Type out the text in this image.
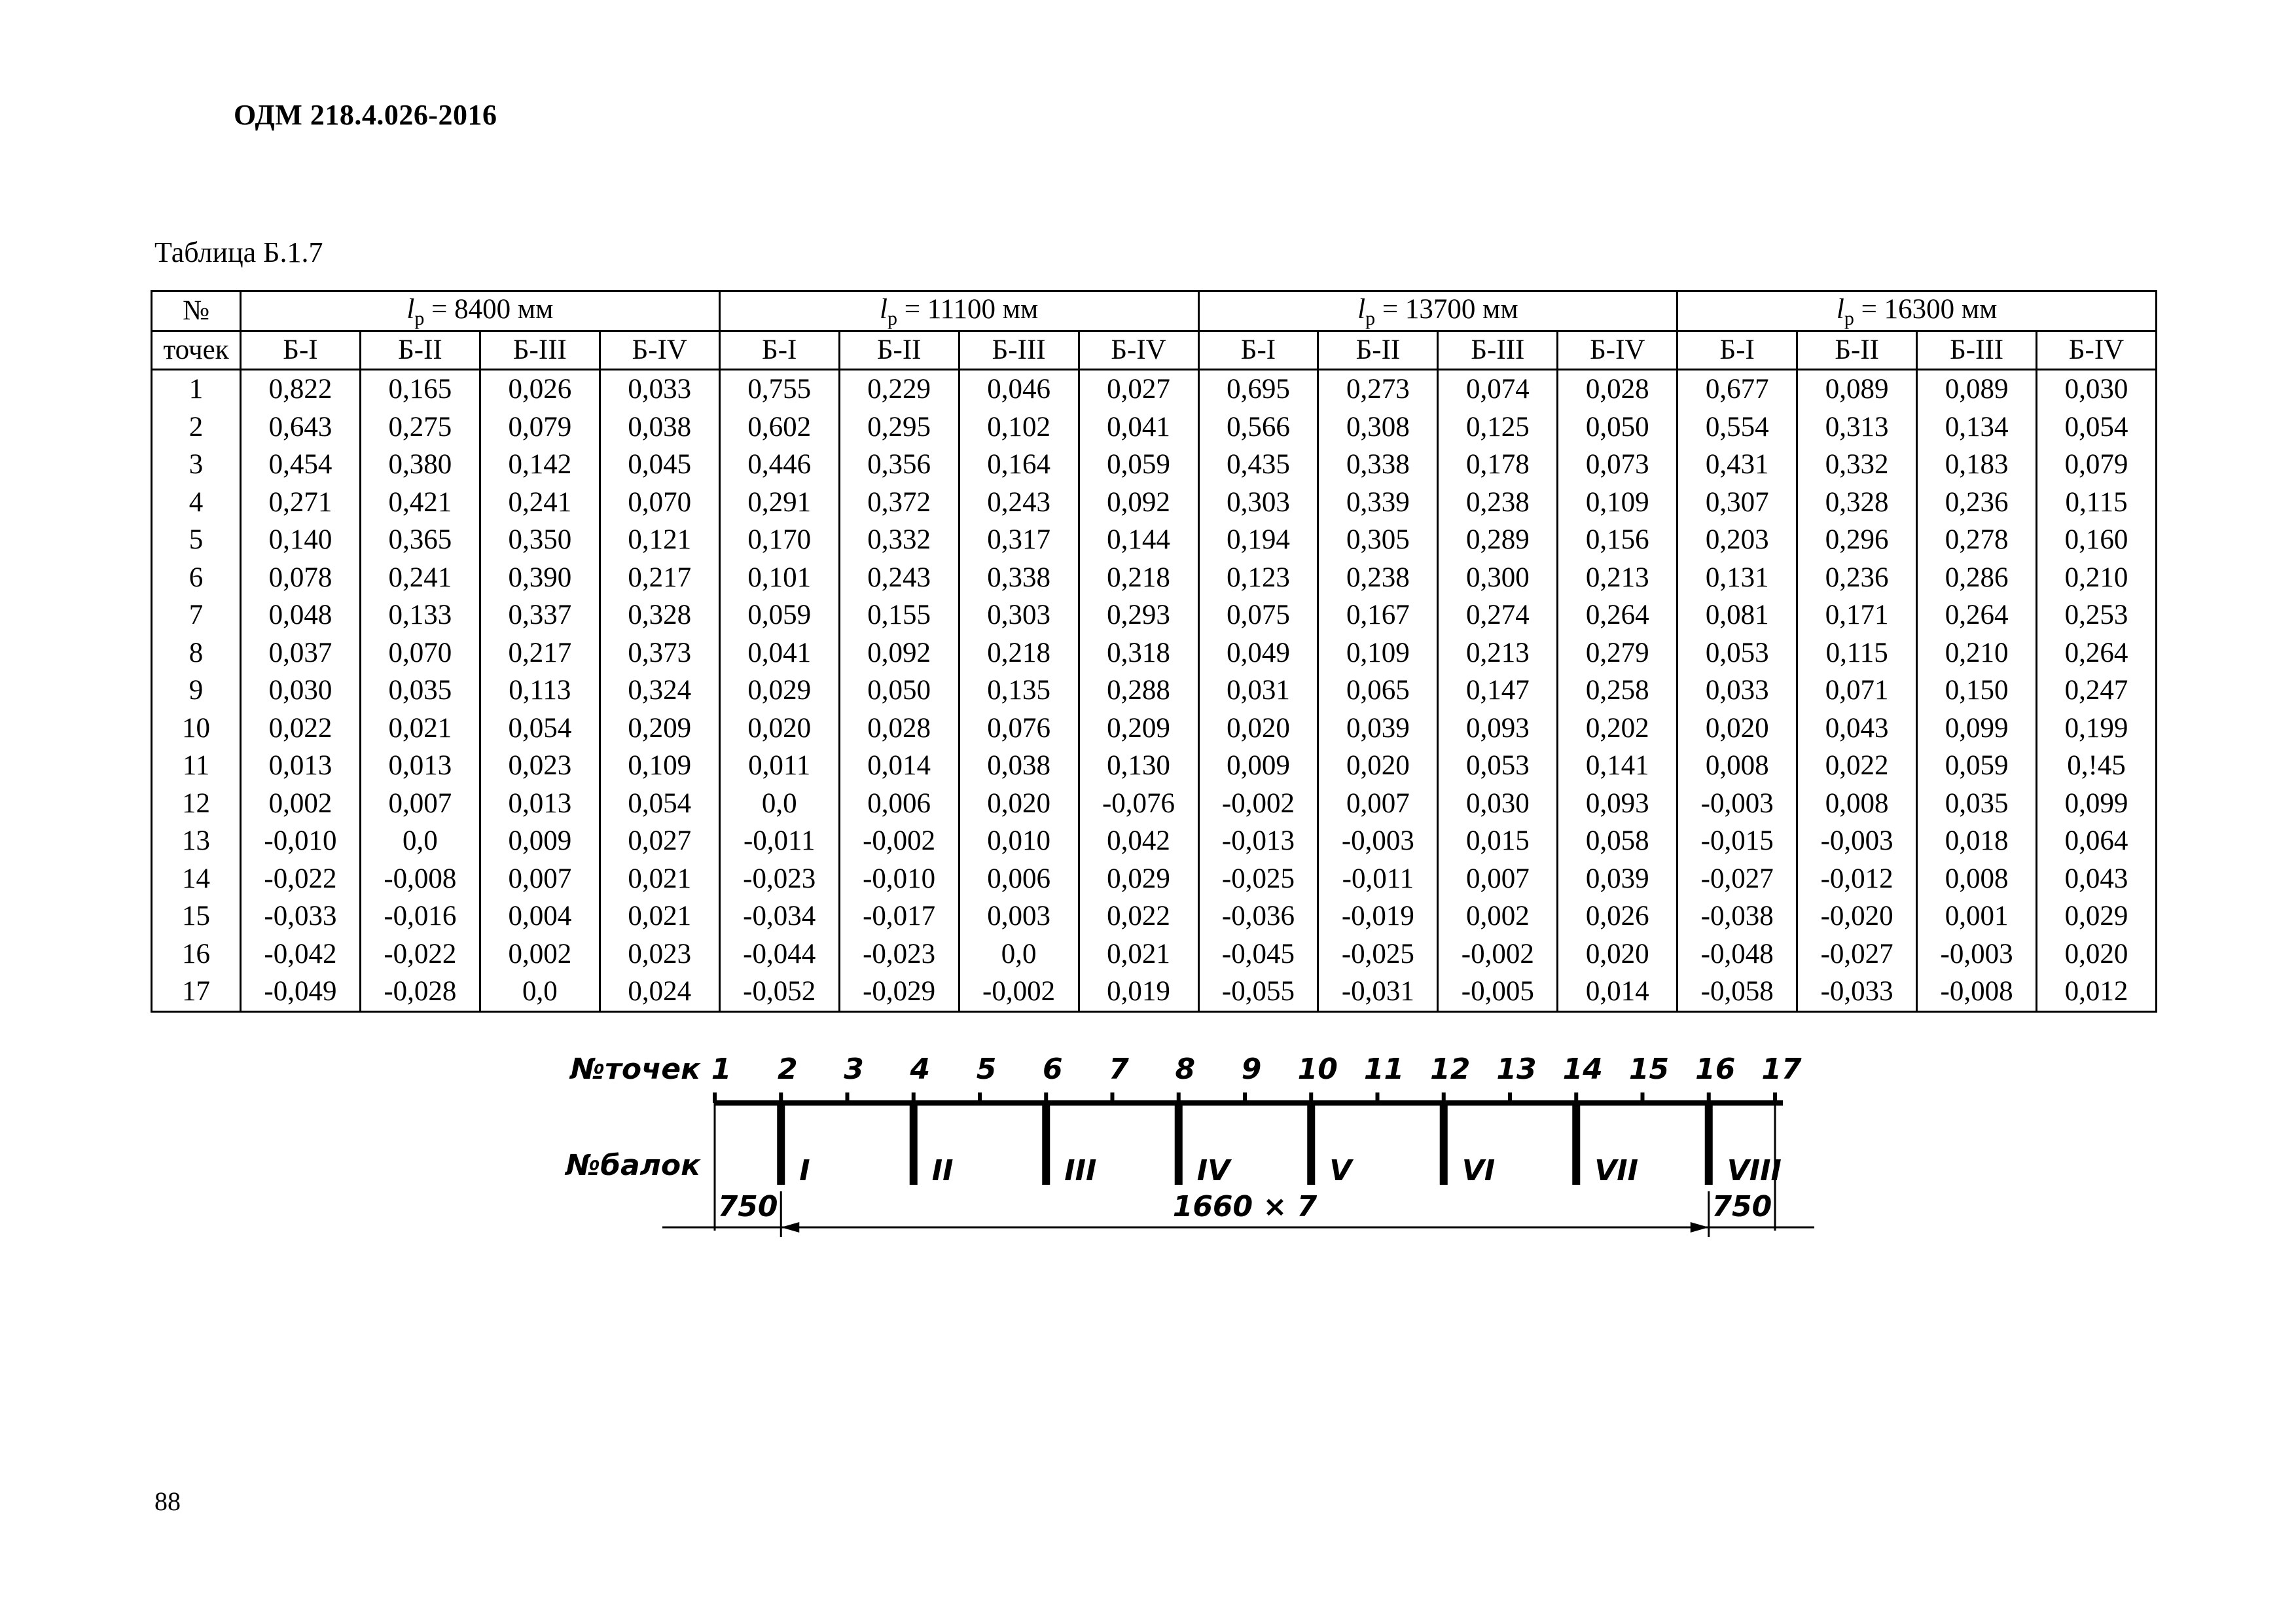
ОДМ 218.4.026-2016
Таблица Б.1.7
№	$l_р = 8400$ мм				$l_р = 11100$ мм				$l_р = 13700$ мм				$l_р = 16300$ мм			
точек	Б-I	Б-II	Б-III	Б-IV	Б-I	Б-II	Б-III	Б-IV	Б-I	Б-II	Б-III	Б-IV	Б-I	Б-II	Б-III	Б-IV
1	0,822	0,165	0,026	0,033	0,755	0,229	0,046	0,027	0,695	0,273	0,074	0,028	0,677	0,089	0,089	0,030
2	0,643	0,275	0,079	0,038	0,602	0,295	0,102	0,041	0,566	0,308	0,125	0,050	0,554	0,313	0,134	0,054
3	0,454	0,380	0,142	0,045	0,446	0,356	0,164	0,059	0,435	0,338	0,178	0,073	0,431	0,332	0,183	0,079
4	0,271	0,421	0,241	0,070	0,291	0,372	0,243	0,092	0,303	0,339	0,238	0,109	0,307	0,328	0,236	0,115
5	0,140	0,365	0,350	0,121	0,170	0,332	0,317	0,144	0,194	0,305	0,289	0,156	0,203	0,296	0,278	0,160
6	0,078	0,241	0,390	0,217	0,101	0,243	0,338	0,218	0,123	0,238	0,300	0,213	0,131	0,236	0,286	0,210
7	0,048	0,133	0,337	0,328	0,059	0,155	0,303	0,293	0,075	0,167	0,274	0,264	0,081	0,171	0,264	0,253
8	0,037	0,070	0,217	0,373	0,041	0,092	0,218	0,318	0,049	0,109	0,213	0,279	0,053	0,115	0,210	0,264
9	0,030	0,035	0,113	0,324	0,029	0,050	0,135	0,288	0,031	0,065	0,147	0,258	0,033	0,071	0,150	0,247
10	0,022	0,021	0,054	0,209	0,020	0,028	0,076	0,209	0,020	0,039	0,093	0,202	0,020	0,043	0,099	0,199
11	0,013	0,013	0,023	0,109	0,011	0,014	0,038	0,130	0,009	0,020	0,053	0,141	0,008	0,022	0,059	0,!45
12	0,002	0,007	0,013	0,054	0,0	0,006	0,020	-0,076	-0,002	0,007	0,030	0,093	-0,003	0,008	0,035	0,099
13	-0,010	0,0	0,009	0,027	-0,011	-0,002	0,010	0,042	-0,013	-0,003	0,015	0,058	-0,015	-0,003	0,018	0,064
14	-0,022	-0,008	0,007	0,021	-0,023	-0,010	0,006	0,029	-0,025	-0,011	0,007	0,039	-0,027	-0,012	0,008	0,043
15	-0,033	-0,016	0,004	0,021	-0,034	-0,017	0,003	0,022	-0,036	-0,019	0,002	0,026	-0,038	-0,020	0,001	0,029
16	-0,042	-0,022	0,002	0,023	-0,044	-0,023	0,0	0,021	-0,045	-0,025	-0,002	0,020	-0,048	-0,027	-0,003	0,020
17	-0,049	-0,028	0,0	0,024	-0,052	-0,029	-0,002	0,019	-0,055	-0,031	-0,005	0,014	-0,058	-0,033	-0,008	0,012
№точек
№балок
1 2 3 4 5 6 7 8 9 10 11 12 13 14 15 16 17
I	II	III	IV	V	VI	VII	VIII
750	1660 × 7	750
88
